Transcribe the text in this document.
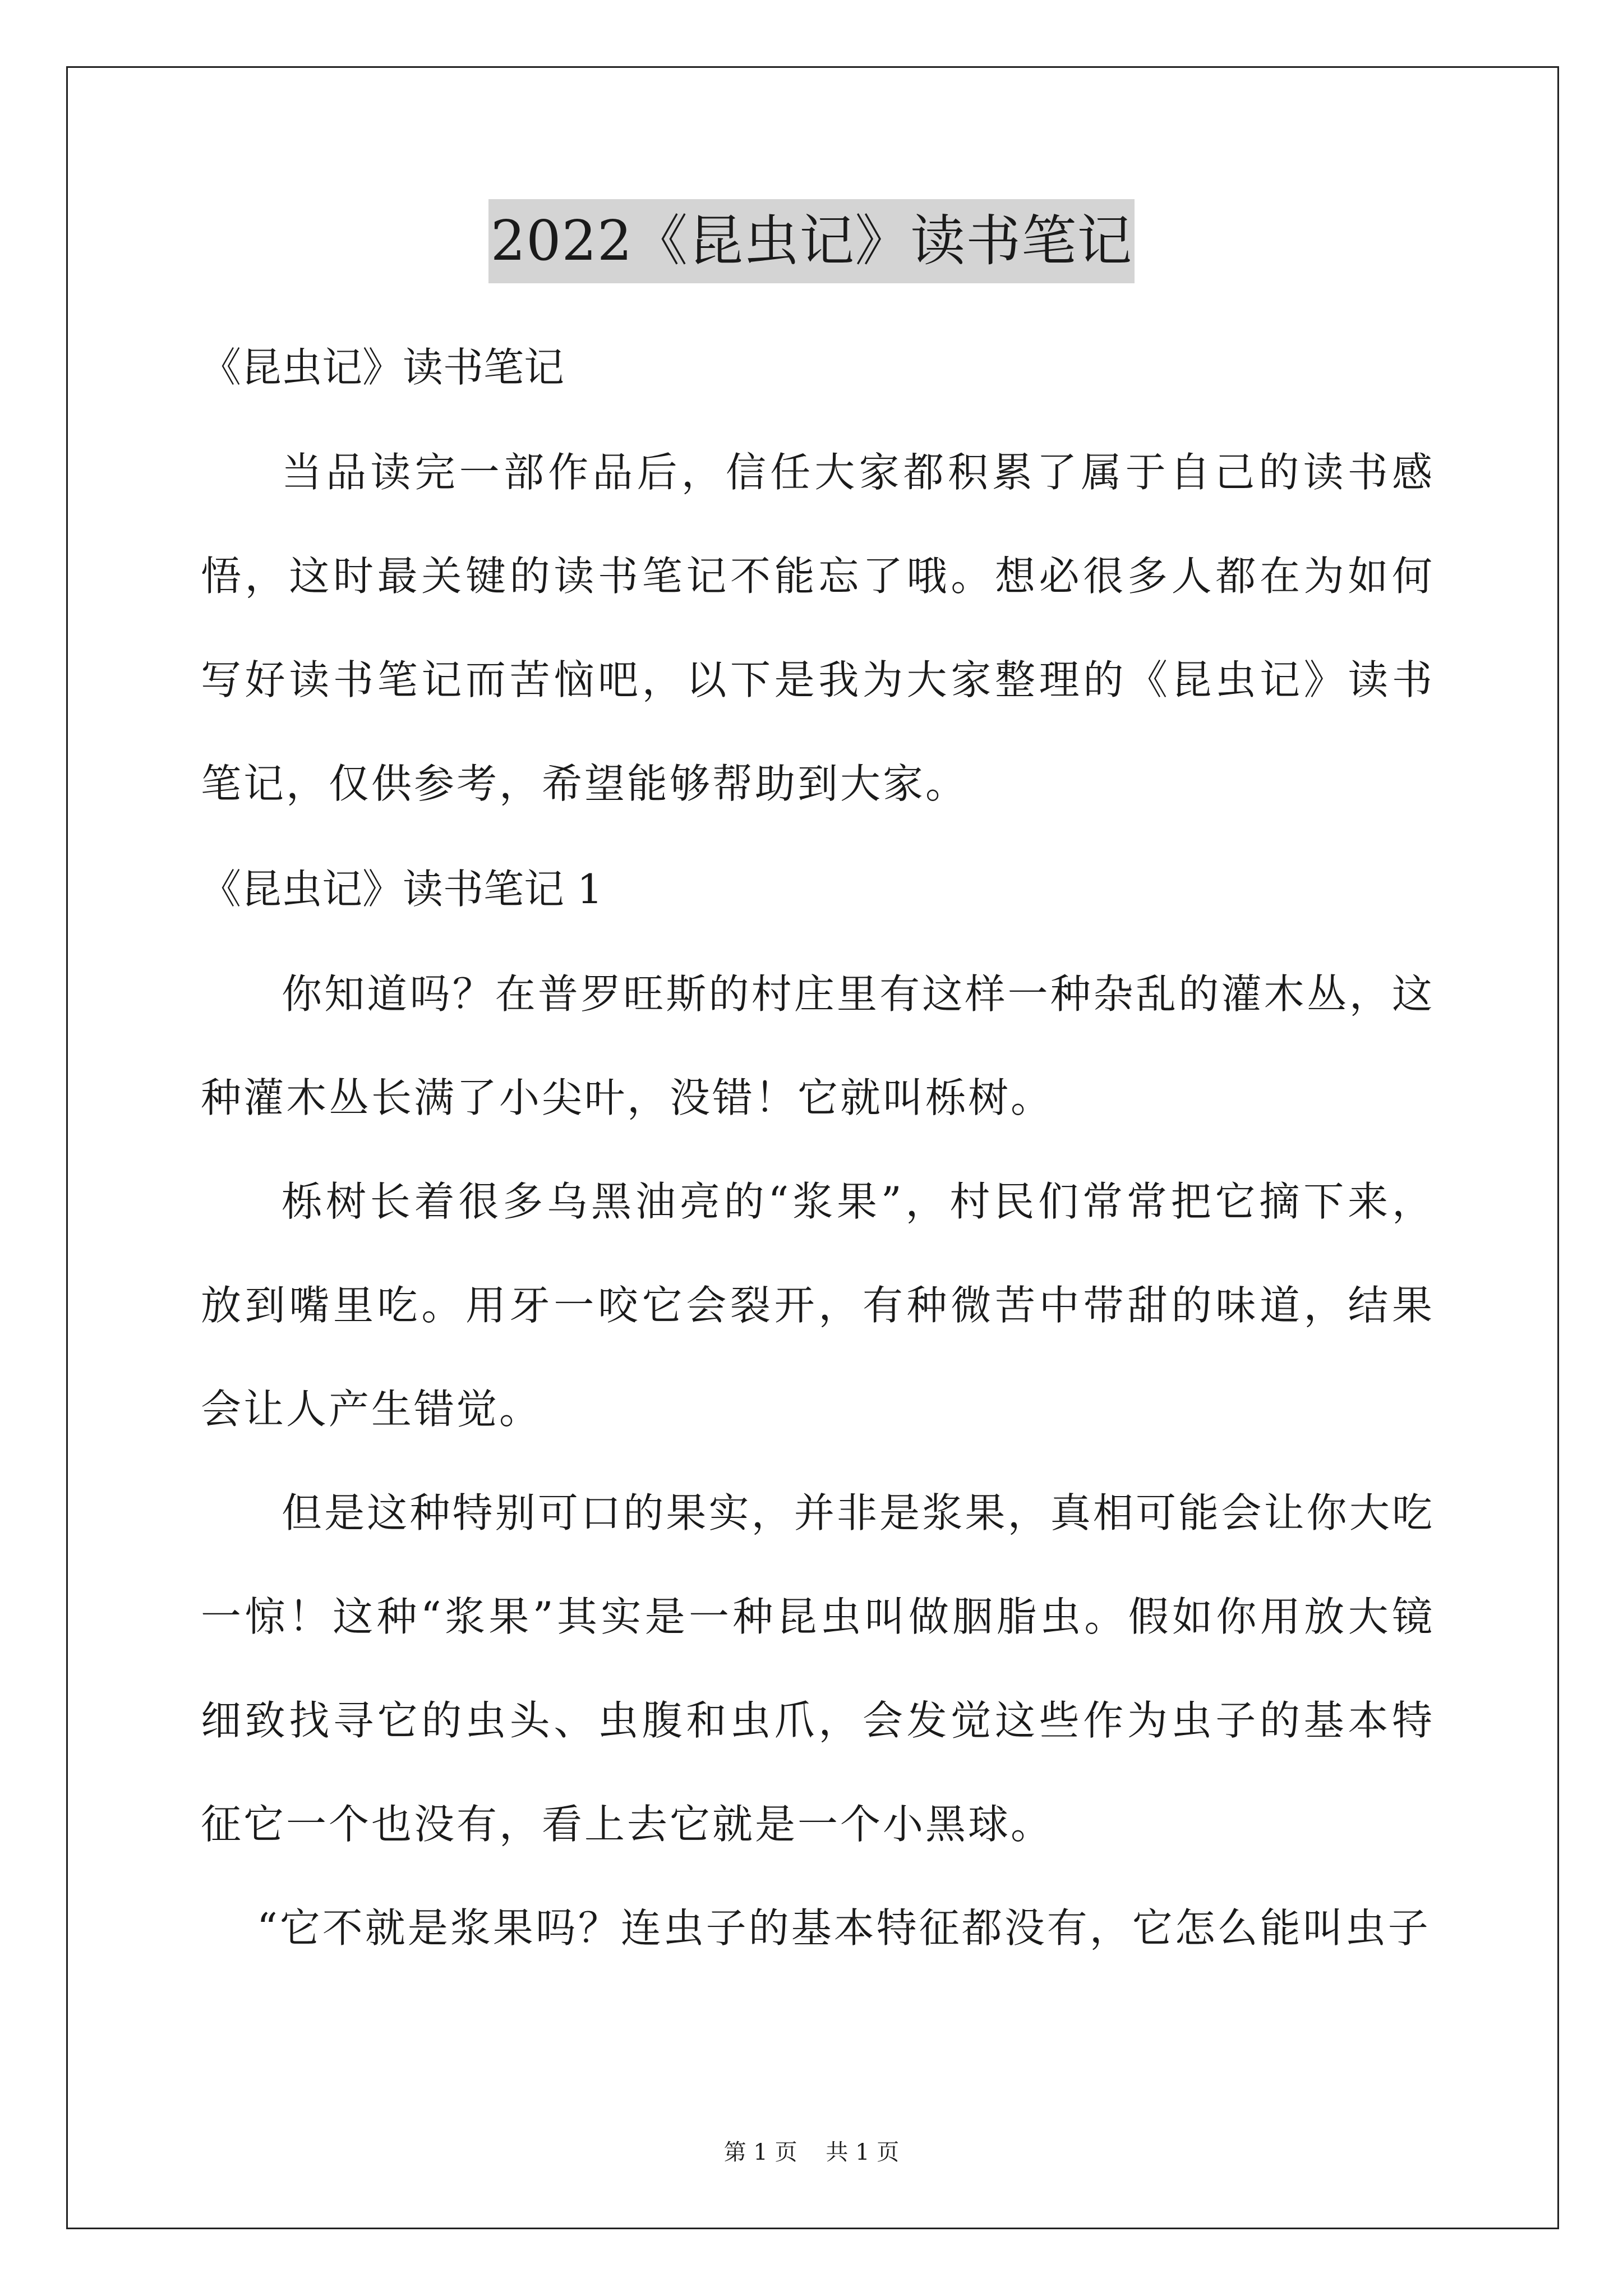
2022《昆虫记》读书笔记

《昆虫记》读书笔记

当品读完一部作品后，信任大家都积累了属于自己的读书感悟，这时最关键的读书笔记不能忘了哦。想必很多人都在为如何写好读书笔记而苦恼吧，以下是我为大家整理的《昆虫记》读书笔记，仅供参考，希望能够帮助到大家。

《昆虫记》读书笔记 1

你知道吗？在普罗旺斯的村庄里有这样一种杂乱的灌木丛，这种灌木丛长满了小尖叶，没错！它就叫栎树。

栎树长着很多乌黑油亮的“浆果”，村民们常常把它摘下来，放到嘴里吃。用牙一咬它会裂开，有种微苦中带甜的味道，结果会让人产生错觉。

但是这种特别可口的果实，并非是浆果，真相可能会让你大吃一惊！这种“浆果”其实是一种昆虫叫做胭脂虫。假如你用放大镜细致找寻它的虫头、虫腹和虫爪，会发觉这些作为虫子的基本特征它一个也没有，看上去它就是一个小黑球。

“它不就是浆果吗？连虫子的基本特征都没有，它怎么能叫虫子

第 1 页    共 1 页
